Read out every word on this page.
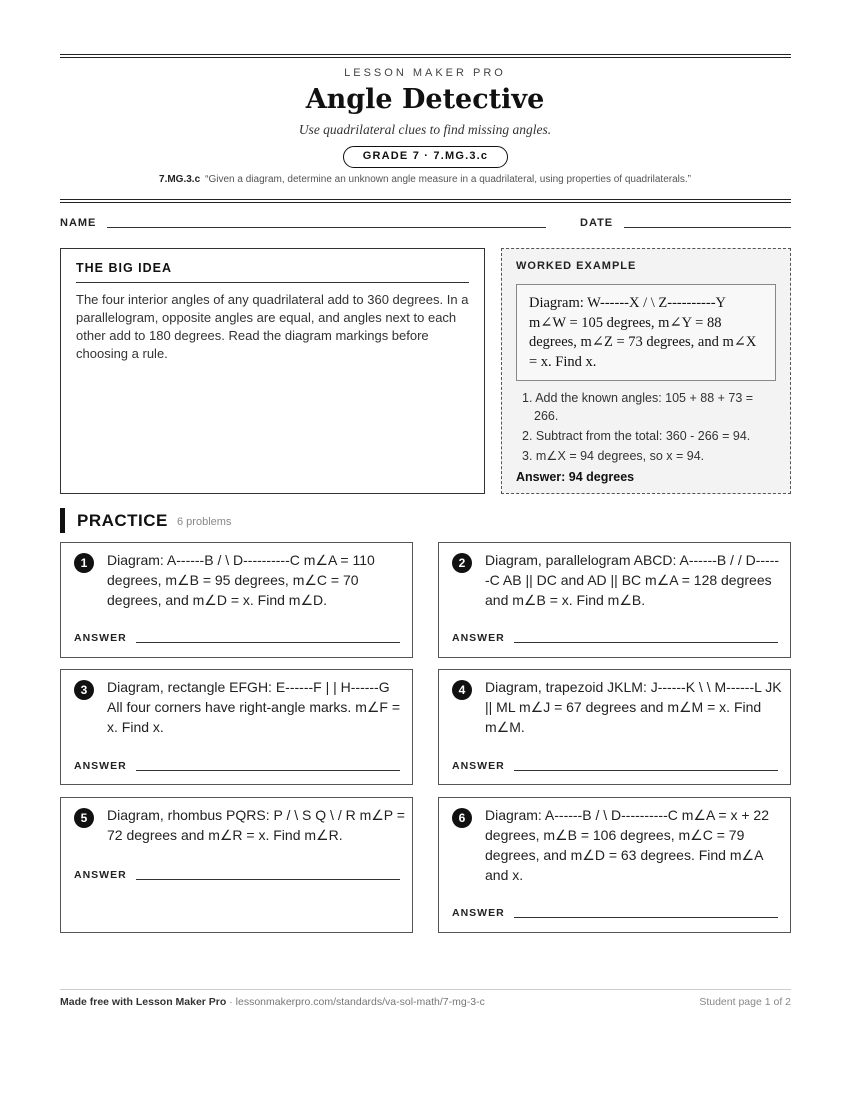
LESSON MAKER PRO
Angle Detective
Use quadrilateral clues to find missing angles.
GRADE 7 · 7.MG.3.c
7.MG.3.c “Given a diagram, determine an unknown angle measure in a quadrilateral, using properties of quadrilaterals.”
NAME	DATE
THE BIG IDEA

The four interior angles of any quadrilateral add to 360 degrees. In a parallelogram, opposite angles are equal, and angles next to each other add to 180 degrees. Read the diagram markings before choosing a rule.

WORKED EXAMPLE
Diagram: W------X / \ Z----------Y m∠W = 105 degrees, m∠Y = 88 degrees, m∠Z = 73 degrees, and m∠X = x. Find x.
1. Add the known angles: 105 + 88 + 73 = 266.
2. Subtract from the total: 360 - 266 = 94.
3. m∠X = 94 degrees, so x = 94.
Answer: 94 degrees
PRACTICE 6 problems
1	Diagram: A------B / \ D----------C m∠A = 110 degrees, m∠B = 95 degrees, m∠C = 70 degrees, and m∠D = x. Find m∠D.
ANSWER
2	Diagram, parallelogram ABCD: A------B / / D------C AB || DC and AD || BC m∠A = 128 degrees and m∠B = x. Find m∠B.
ANSWER
3	Diagram, rectangle EFGH: E------F | | H------G All four corners have right-angle marks. m∠F = x. Find x.
ANSWER
4	Diagram, trapezoid JKLM: J------K \ \ M------L JK || ML m∠J = 67 degrees and m∠M = x. Find m∠M.
ANSWER
5	Diagram, rhombus PQRS: P / \ S Q \ / R m∠P = 72 degrees and m∠R = x. Find m∠R.
ANSWER
6	Diagram: A------B / \ D----------C m∠A = x + 22 degrees, m∠B = 106 degrees, m∠C = 79 degrees, and m∠D = 63 degrees. Find m∠A and x.
ANSWER
Made free with Lesson Maker Pro · lessonmakerpro.com/standards/va-sol-math/7-mg-3-c	Student page 1 of 2
